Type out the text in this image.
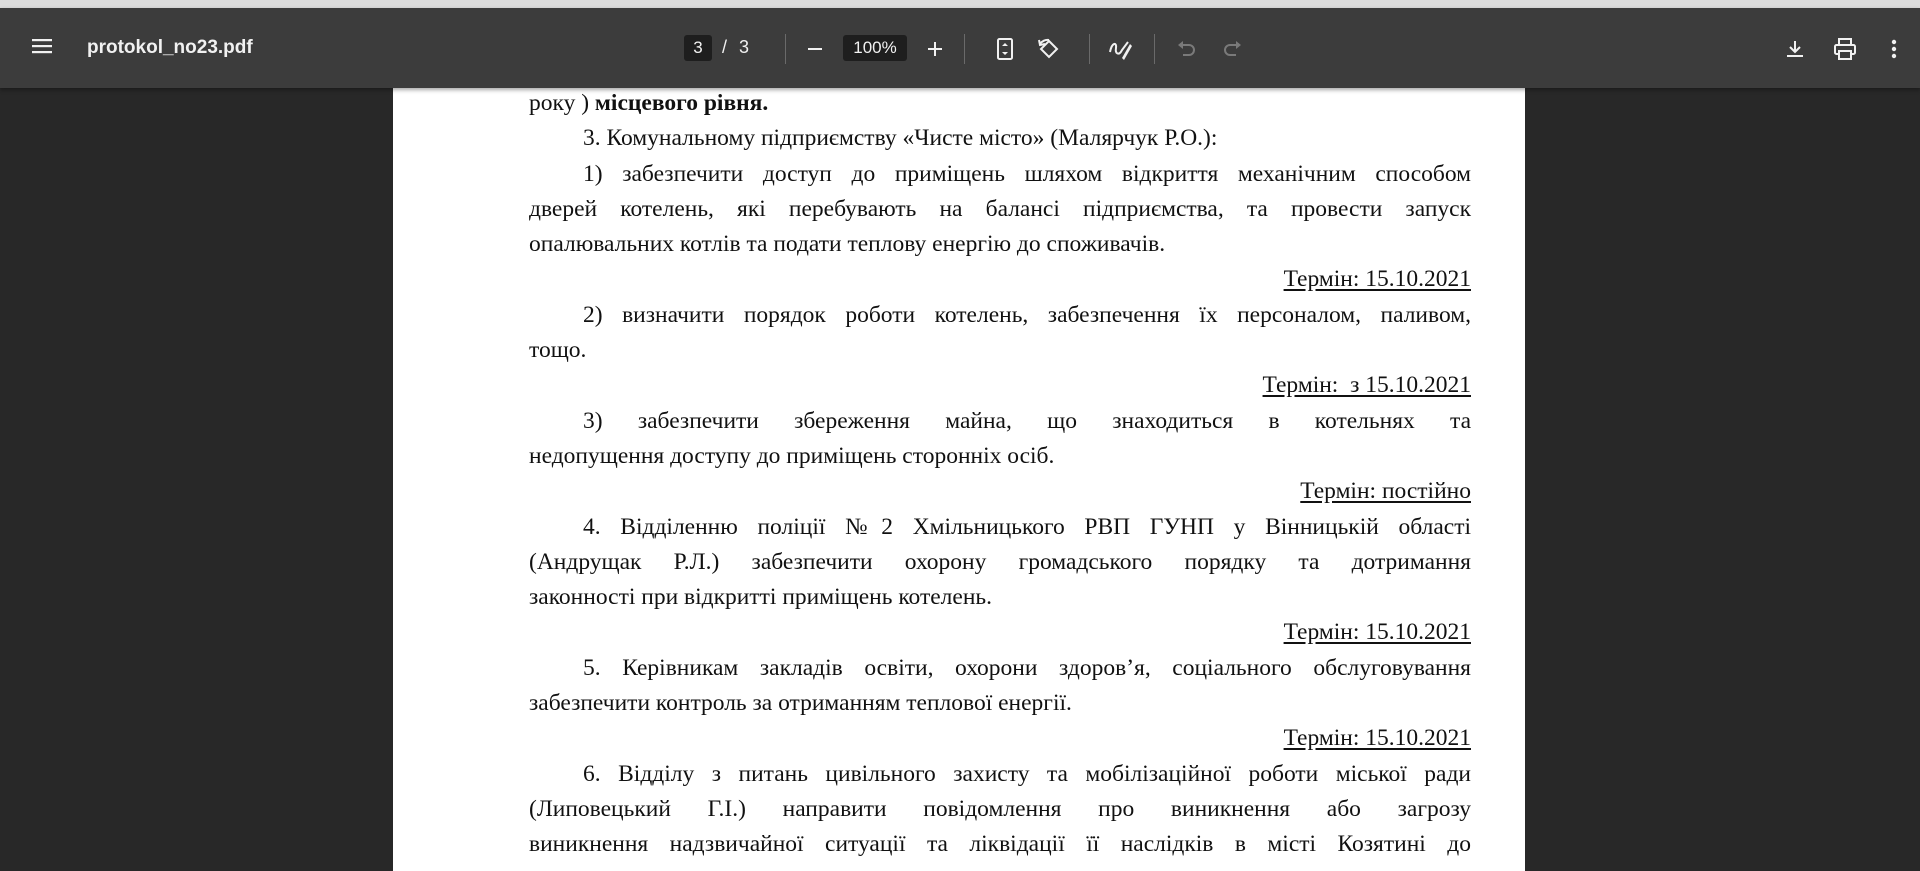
protokol_no23.pdf
3	/ 3
100%
року ) місцевого рівня.
3. Комунальному підприємству «Чисте місто» (Малярчук Р.О.):
1) забезпечити доступ до приміщень шляхом відкриття механічним способом
дверей котелень, які перебувають на балансі підприємства, та провести запуск
опалювальних котлів та подати теплову енергію до споживачів.
Термін: 15.10.2021
2) визначити порядок роботи котелень, забезпечення їх персоналом, паливом,
тощо.
Термін:  з 15.10.2021
3) забезпечити збереження майна, що знаходиться в котельнях та
недопущення доступу до приміщень сторонніх осіб.
Термін: постійно
4. Відділенню поліції №2 Хмільницького РВП ГУНП у Вінницькій області
(Андрущак Р.Л.) забезпечити охорону громадського порядку та дотримання
законності при відкритті приміщень котелень.
Термін: 15.10.2021
5. Керівникам закладів освіти, охорони здоров’я, соціального обслуговування
забезпечити контроль за отриманням теплової енергії.
Термін: 15.10.2021
6. Відділу з питань цивільного захисту та мобілізаційної роботи міської ради
(Липовецький Г.І.) направити повідомлення про виникнення або загрозу
виникнення надзвичайної ситуації та ліквідації її наслідків в місті Козятині до
